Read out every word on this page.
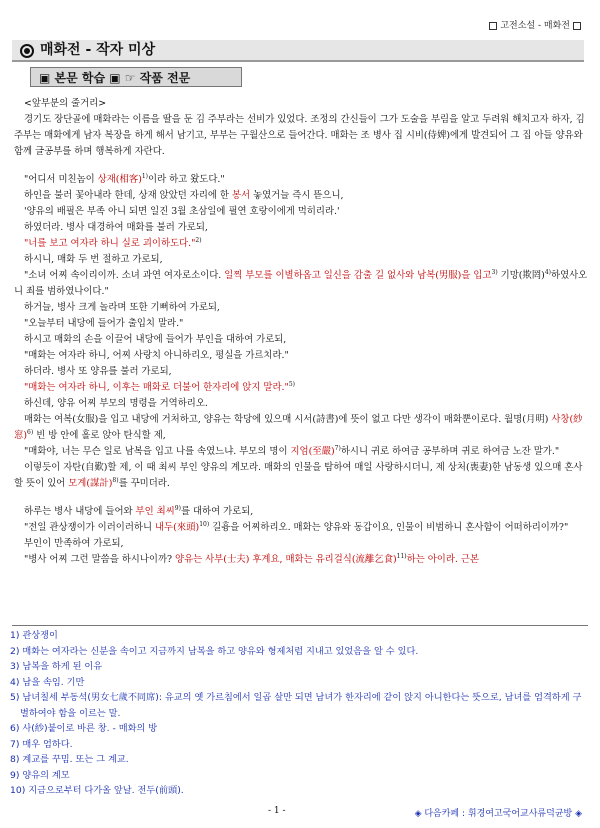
고전소설 - 매화전
매화전 - 작자 미상
▣ 본문 학습 ▣ ☞ 작품 전문

<앞부분의 줄거리>

경기도 장단골에 매화라는 이름을 딸을 둔 김 주부라는 선비가 있었다. 조정의 간신들이 그가 도술을 부림을 알고 두려워 해치고자 하자, 김 주부는 매화에게 남자 복장을 하게 해서 남기고, 부부는 구월산으로 들어간다. 매화는 조 병사 집 시비(侍婢)에게 발견되어 그 집 아들 양유와 함께 글공부를 하며 행복하게 자란다.

"어디서 미친놈이 상재(相客)$^{1)}$이라 하고 왔도다."

하인을 불러 꽃아내라 한데, 상재 앉았던 자리에 한 봉서 놓였거늘 즉시 뜯으니,

'양유의 배필은 부족 아니 되면 일진 3월 초삼일에 필연 호랑이에게 먹히리라.'

하였더라. 병사 대경하여 매화를 불러 가로되,

"너를 보고 여자라 하니 실로 괴이하도다."$^{2)}$

하시니, 매화 두 번 절하고 가로되,

"소녀 어찌 속이리이까. 소녀 과연 여자로소이다. 일찍 부모를 이별하옵고 일신을 감출 길 없사와 남복(男服)을 입고$^{3)}$ 기망(欺罔)$^{4)}$하였사오니 죄를 범하였나이다."

하거늘, 병사 크게 놀라며 또한 기뻐하여 가로되,

"오늘부터 내당에 들어가 출입치 말라."

하시고 매화의 손을 이끌어 내당에 들어가 부인을 대하여 가로되,

"매화는 여자라 하니, 어찌 사랑치 아니하리오, 평실을 가르치라."

하더라. 병사 또 양유를 불러 가로되,

"매화는 여자라 하니, 이후는 매화로 더불어 한자리에 앉지 말라."$^{5)}$

하신데, 양유 어찌 부모의 명령을 거역하리오.

매화는 여복(女服)을 입고 내당에 거처하고, 양유는 학당에 있으매 시서(詩書)에 뜻이 없고 다만 생각이 매화뿐이로다. 월명(月明) 사창(紗窓)$^{6)}$ 빈 방 안에 홀로 앉아 탄식할 제,

"매화야, 너는 무슨 일로 남복을 입고 나를 속였느냐. 부모의 명이 지엄(至嚴)$^{7)}$하시니 귀로 하여금 공부하며 귀로 하여금 노잔 말가."

이렇듯이 자탄(自歎)할 제, 이 때 최씨 부인 양유의 계모라. 매화의 인물을 탐하여 매일 사랑하시더니, 제 상처(喪妻)한 남동생 있으매 혼사할 뜻이 있어 모계(謀計)$^{8)}$를 꾸미더라.

하루는 병사 내당에 들어와 부인 최씨$^{9)}$를 대하여 가로되,

"전일 관상쟁이가 이러이러하니 내두(來頭)$^{10)}$ 길흉을 어찌하리오. 매화는 양유와 동갑이요, 인물이 비범하니 혼사함이 어떠하리이까?"

부인이 만족하여 가로되,

"병사 어찌 그런 말씀을 하시나이까? 양유는 사부(士夫) 후계요, 매화는 유리걸식(流離乞食)$^{11)}$하는 아이라. 근본

1) 관상쟁이
2) 매화는 여자라는 신분을 속이고 지금까지 남복을 하고 양유와 형제처럼 지내고 있었음을 알 수 있다.
3) 남복을 하게 된 이유
4) 남을 속임. 기만
5) 남녀칠세 부동석(男女七歲不同席): 유교의 옛 가르침에서 일곱 살만 되면 남녀가 한자리에 같이 앉지 아니한다는 뜻으로, 남녀를 엄격하게 구별하여야 함을 이르는 말.
6) 사(紗)붙이로 바른 창. - 매화의 방
7) 매우 엄하다.
8) 계교를 꾸밈. 또는 그 계교.
9) 양유의 계모
10) 지금으로부터 다가올 앞날. 전두(前頭).
- 1 -	◈ 다음카페 : 휘경여고국어교사류덕균방 ◈
